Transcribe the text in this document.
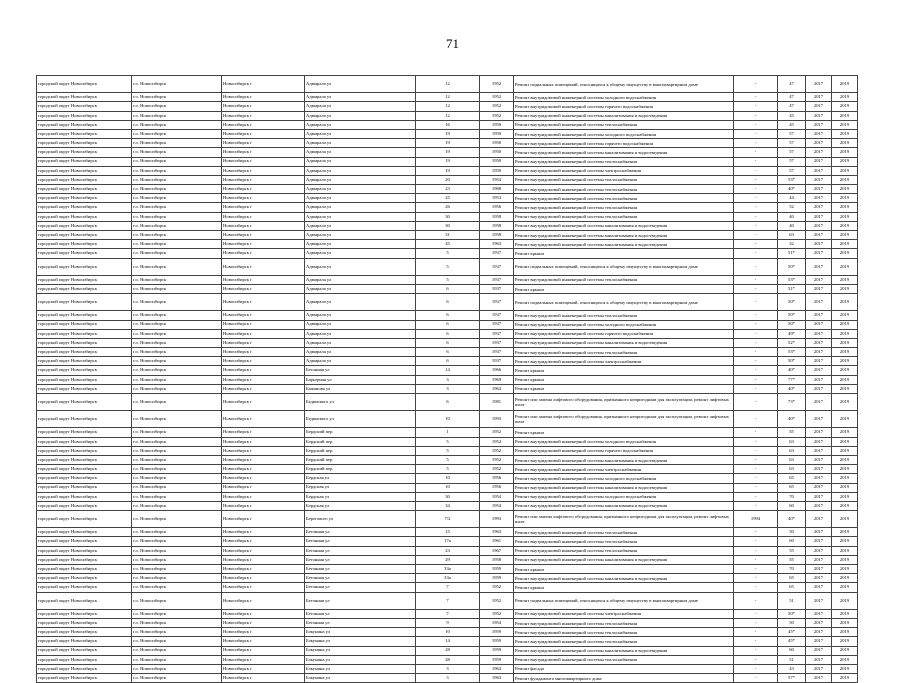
71
городской округ Новосибирск	г.о. Новосибирск	Новосибирск г	Адмирала ул	12	1952	Ремонт подвальных помещений, относящихся к общему имуществу в многоквартирном доме	-	47	2017	2019
городской округ Новосибирск	г.о. Новосибирск	Новосибирск г	Адмирала ул	12	1952	Ремонт внутридомовой инженерной системы холодного водоснабжения	-	47	2017	2019
городской округ Новосибирск	г.о. Новосибирск	Новосибирск г	Адмирала ул	12	1952	Ремонт внутридомовой инженерной системы горячего водоснабжения	-	47	2017	2019
городской округ Новосибирск	г.о. Новосибирск	Новосибирск г	Адмирала ул	12	1952	Ремонт внутридомовой инженерной системы канализования и водоотведения	-	45	2017	2019
городской округ Новосибирск	г.о. Новосибирск	Новосибирск г	Адмирала ул	16	1950	Ремонт внутридомовой инженерной системы теплоснабжения	-	45	2017	2019
городской округ Новосибирск	г.о. Новосибирск	Новосибирск г	Адмирала ул	19	1950	Ремонт внутридомовой инженерной системы холодного водоснабжения	-	57	2017	2019
городской округ Новосибирск	г.о. Новосибирск	Новосибирск г	Адмирала ул	19	1950	Ремонт внутридомовой инженерной системы горячего водоснабжения	-	57	2017	2019
городской округ Новосибирск	г.о. Новосибирск	Новосибирск г	Адмирала ул	19	1950	Ремонт внутридомовой инженерной системы канализования и водоотведения	-	57	2017	2019
городской округ Новосибирск	г.о. Новосибирск	Новосибирск г	Адмирала ул	19	1950	Ремонт внутридомовой инженерной системы теплоснабжения	-	57	2017	2019
городской округ Новосибирск	г.о. Новосибирск	Новосибирск г	Адмирала ул	19	1950	Ремонт внутридомовой инженерной системы электроснабжения	-	57	2017	2019
городской округ Новосибирск	г.о. Новосибирск	Новосибирск г	Адмирала ул	20	1954	Ремонт внутридомовой инженерной системы теплоснабжения	-	53*	2017	2019
городской округ Новосибирск	г.о. Новосибирск	Новосибирск г	Адмирала ул	23	1968	Ремонт внутридомовой инженерной системы теплоснабжения	-	40*	2017	2019
городской округ Новосибирск	г.о. Новосибирск	Новосибирск г	Адмирала ул	25	1953	Ремонт внутридомовой инженерной системы теплоснабжения	-	44	2017	2019
городской округ Новосибирск	г.о. Новосибирск	Новосибирск г	Адмирала ул	26	1956	Ремонт внутридомовой инженерной системы теплоснабжения	-	52	2017	2019
городской округ Новосибирск	г.о. Новосибирск	Новосибирск г	Адмирала ул	30	1958	Ремонт внутридомовой инженерной системы теплоснабжения	-	40	2017	2019
городской округ Новосибирск	г.о. Новосибирск	Новосибирск г	Адмирала ул	30	1958	Ремонт внутридомовой инженерной системы канализования и водоотведения	-	40	2017	2019
городской округ Новосибирск	г.о. Новосибирск	Новосибирск г	Адмирала ул	31	1958	Ремонт внутридомовой инженерной системы канализования и водоотведения	-	63	2017	2019
городской округ Новосибирск	г.о. Новосибирск	Новосибирск г	Адмирала ул	45	1963	Ремонт внутридомовой инженерной системы канализования и водоотведения	-	32	2017	2019
городской округ Новосибирск	г.о. Новосибирск	Новосибирск г	Адмирала ул	5	1937	Ремонт крыши	-	51*	2017	2019
городской округ Новосибирск	г.о. Новосибирск	Новосибирск г	Адмирала ул	5	1937	Ремонт подвальных помещений, относящихся к общему имуществу в многоквартирном доме	-	50*	2017	2019
городской округ Новосибирск	г.о. Новосибирск	Новосибирск г	Адмирала ул	5	1937	Ремонт внутридомовой инженерной системы теплоснабжения	-	53*	2017	2019
городской округ Новосибирск	г.о. Новосибирск	Новосибирск г	Адмирала ул	6	1937	Ремонт крыши	-	51*	2017	2019
городской округ Новосибирск	г.о. Новосибирск	Новосибирск г	Адмирала ул	6	1937	Ремонт подвальных помещений, относящихся к общему имуществу в многоквартирном доме	-	50*	2017	2019
городской округ Новосибирск	г.о. Новосибирск	Новосибирск г	Адмирала ул	6	1937	Ремонт внутридомовой инженерной системы теплоснабжения	-	50*	2017	2019
городской округ Новосибирск	г.о. Новосибирск	Новосибирск г	Адмирала ул	6	1937	Ремонт внутридомовой инженерной системы холодного водоснабжения	-	50*	2017	2019
городской округ Новосибирск	г.о. Новосибирск	Новосибирск г	Адмирала ул	6	1937	Ремонт внутридомовой инженерной системы горячего водоснабжения	-	49*	2017	2019
городской округ Новосибирск	г.о. Новосибирск	Новосибирск г	Адмирала ул	6	1937	Ремонт внутридомовой инженерной системы канализования и водоотведения	-	52*	2017	2019
городской округ Новосибирск	г.о. Новосибирск	Новосибирск г	Адмирала ул	6	1937	Ремонт внутридомовой инженерной системы теплоснабжения	-	53*	2017	2019
городской округ Новосибирск	г.о. Новосибирск	Новосибирск г	Адмирала ул	6	1937	Ремонт внутридомовой инженерной системы электроснабжения	-	50*	2017	2019
городской округ Новосибирск	г.о. Новосибирск	Новосибирск г	Бетонная ул	14	1966	Ремонт крыши	-	40*	2017	2019
городской округ Новосибирск	г.о. Новосибирск	Новосибирск г	Барьерная ул	3	1969	Ремонт крыши	-	77*	2017	2019
городской округ Новосибирск	г.о. Новосибирск	Новосибирск г	Бажанова ул	3	1963	Ремонт крыши	-	40*	2017	2019
городской округ Новосибирск	г.о. Новосибирск	Новосибирск г	Бединского ул	6	1981	Ремонт или замена лифтового оборудования, признанного непригодным для эксплуатации, ремонт лифтовых шахт	-	73*	2017	2019
городской округ Новосибирск	г.о. Новосибирск	Новосибирск г	Бединского ул	10	1993	Ремонт или замена лифтового оборудования, признанного непригодным для эксплуатации, ремонт лифтовых шахт	-	40*	2017	2019
городской округ Новосибирск	г.о. Новосибирск	Новосибирск г	Бердский пер	1	1952	Ремонт крыши	-	55	2017	2019
городской округ Новосибирск	г.о. Новосибирск	Новосибирск г	Бердский пер	5	1952	Ремонт внутридомовой инженерной системы холодного водоснабжения	-	63	2017	2019
городской округ Новосибирск	г.о. Новосибирск	Новосибирск г	Бердский пер	5	1952	Ремонт внутридомовой инженерной системы горячего водоснабжения	-	63	2017	2019
городской округ Новосибирск	г.о. Новосибирск	Новосибирск г	Бердский пер	5	1952	Ремонт внутридомовой инженерной системы канализования и водоотведения	-	63	2017	2019
городской округ Новосибирск	г.о. Новосибирск	Новосибирск г	Бердский пер	5	1952	Ремонт внутридомовой инженерной системы электроснабжения	-	63	2017	2019
городской округ Новосибирск	г.о. Новосибирск	Новосибирск г	Бердская ул	10	1956	Ремонт внутридомовой инженерной системы холодного водоснабжения	-	65	2017	2019
городской округ Новосибирск	г.о. Новосибирск	Новосибирск г	Бердская ул	10	1956	Ремонт внутридомовой инженерной системы канализования и водоотведения	-	65	2017	2019
городской округ Новосибирск	г.о. Новосибирск	Новосибирск г	Бердская ул	30	1954	Ремонт внутридомовой инженерной системы холодного водоснабжения	-	70	2017	2019
городской округ Новосибирск	г.о. Новосибирск	Новосибирск г	Бердская ул	34	1954	Ремонт внутридомовой инженерной системы канализования и водоотведения	-	60	2017	2019
городской округ Новосибирск	г.о. Новосибирск	Новосибирск г	Берегового ул	7/2	1993	Ремонт или замена лифтового оборудования, признанного непригодным для эксплуатации, ремонт лифтовых шахт	1994	40*	2017	2019
городской округ Новосибирск	г.о. Новосибирск	Новосибирск г	Бетонная ул	15	1963	Ремонт внутридомовой инженерной системы теплоснабжения	-	50	2017	2019
городской округ Новосибирск	г.о. Новосибирск	Новосибирск г	Бетонная ул	17а	1961	Ремонт внутридомовой инженерной системы теплоснабжения	-	60	2017	2019
городской округ Новосибирск	г.о. Новосибирск	Новосибирск г	Бетонная ул	23	1967	Ремонт внутридомовой инженерной системы теплоснабжения	-	55	2017	2019
городской округ Новосибирск	г.о. Новосибирск	Новосибирск г	Бетонная ул	29	1958	Ремонт внутридомовой инженерной системы канализования и водоотведения	-	55	2017	2019
городской округ Новосибирск	г.о. Новосибирск	Новосибирск г	Бетонная ул	33а	1959	Ремонт крыши	-	70	2017	2019
городской округ Новосибирск	г.о. Новосибирск	Новосибирск г	Бетонная ул	33а	1959	Ремонт внутридомовой инженерной системы канализования и водоотведения	-	65	2017	2019
городской округ Новосибирск	г.о. Новосибирск	Новосибирск г	Бетонная ул	7	1952	Ремонт крыши	-	65	2017	2019
городской округ Новосибирск	г.о. Новосибирск	Новосибирск г	Бетонная ул	7	1952	Ремонт подвальных помещений, относящихся к общему имуществу в многоквартирном доме	-	51	2017	2019
городской округ Новосибирск	г.о. Новосибирск	Новосибирск г	Бетонная ул	7	1952	Ремонт внутридомовой инженерной системы электроснабжения	-	50*	2017	2019
городской округ Новосибирск	г.о. Новосибирск	Новосибирск г	Бетонная ул	9	1954	Ремонт внутридомовой инженерной системы теплоснабжения	-	50	2017	2019
городской округ Новосибирск	г.о. Новосибирск	Новосибирск г	Бэкунина ул	10	1959	Ремонт внутридомовой инженерной системы теплоснабжения	-	45*	2017	2019
городской округ Новосибирск	г.о. Новосибирск	Новосибирск г	Бэкунина ул	14	1959	Ремонт внутридомовой инженерной системы теплоснабжения	-	45*	2017	2019
городской округ Новосибирск	г.о. Новосибирск	Новосибирск г	Бэкунина ул	28	1959	Ремонт внутридомовой инженерной системы канализования и водоотведения	-	60	2017	2019
городской округ Новосибирск	г.о. Новосибирск	Новосибирск г	Бэкунина ул	28	1959	Ремонт внутридомовой инженерной системы теплоснабжения	-	51	2017	2019
городской округ Новосибирск	г.о. Новосибирск	Новосибирск г	Бэкунина ул	3	1963	Ремонт фасада	-	43	2017	2019
городской округ Новосибирск	г.о. Новосибирск	Новосибирск г	Бэкунина ул	3	1963	Ремонт фундамента многоквартирного дома	-	57*	2017	2019
